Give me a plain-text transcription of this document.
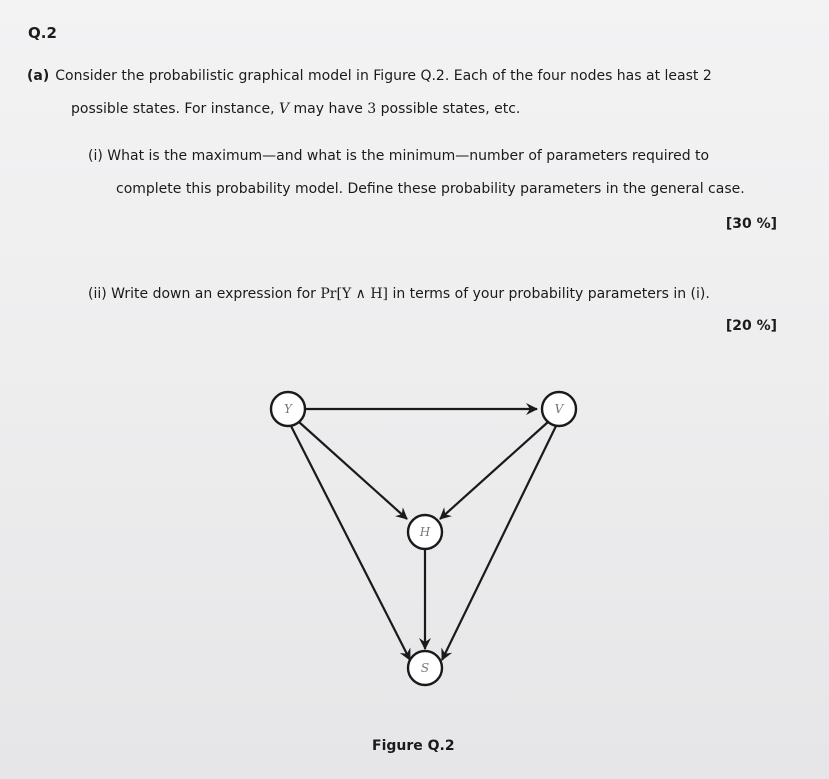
Q.2
(a) Consider the probabilistic graphical model in Figure Q.2. Each of the four nodes has at least 2
possible states. For instance, V may have 3 possible states, etc.
(i) What is the maximum—and what is the minimum—number of parameters required to
complete this probability model. Define these probability parameters in the general case.
[30 %]
(ii) Write down an expression for Pr[Y ∧ H] in terms of your probability parameters in (i).
[20 %]
Y	V
H
S
Figure Q.2
